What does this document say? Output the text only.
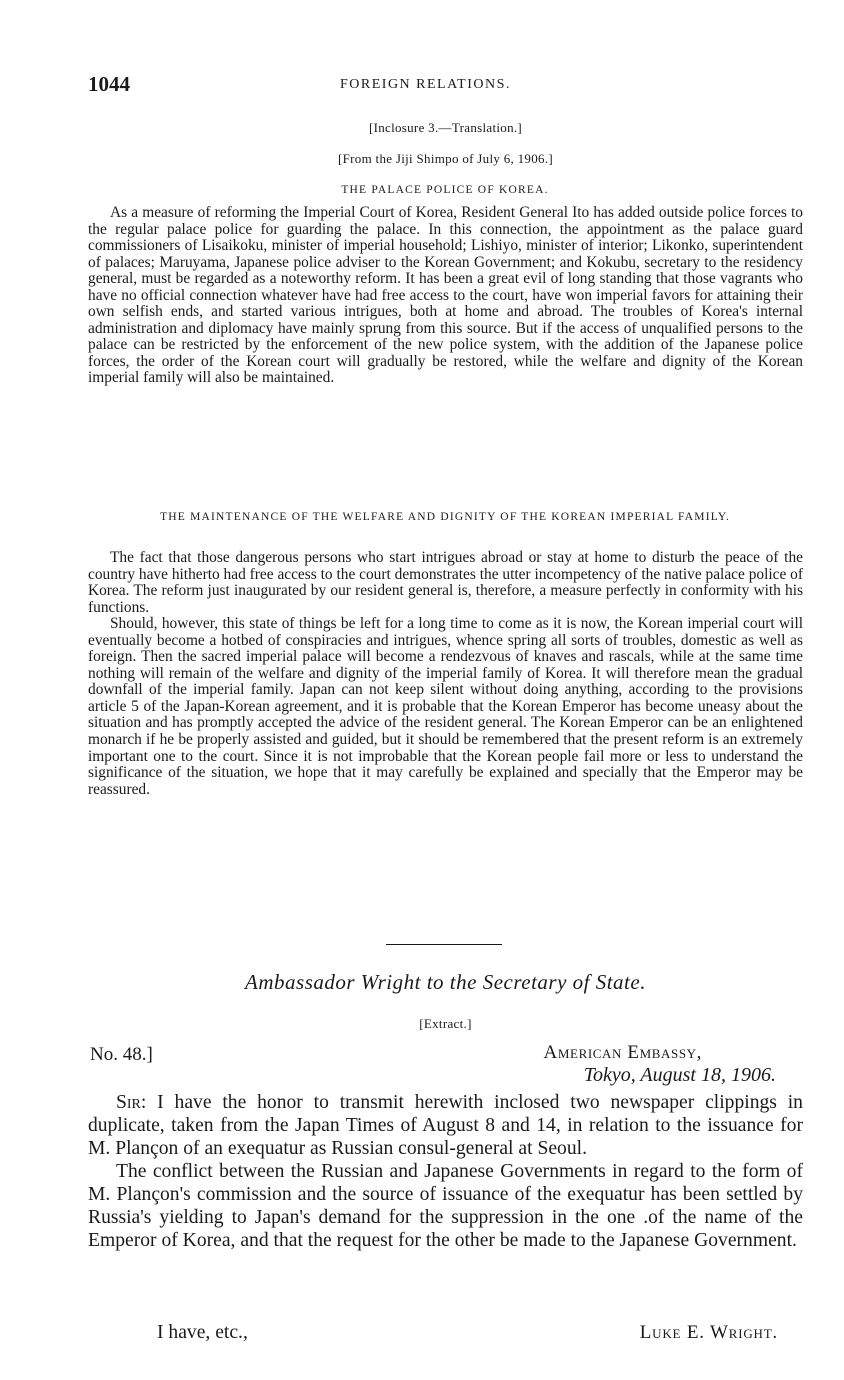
1044	FOREIGN RELATIONS.
[Inclosure 3.—Translation.]
[From the Jiji Shimpo of July 6, 1906.]
THE PALACE POLICE OF KOREA.

As a measure of reforming the Imperial Court of Korea, Resident General Ito has added outside police forces to the regular palace police for guarding the palace. In this connection, the appointment as the palace guard commissioners of Lisaikoku, minister of imperial household; Lishiyo, minister of interior; Likonko, superintendent of palaces; Maruyama, Japanese police adviser to the Korean Government; and Kokubu, secretary to the residency general, must be regarded as a noteworthy reform. It has been a great evil of long standing that those vagrants who have no official connection whatever have had free access to the court, have won imperial favors for attaining their own selfish ends, and started various intrigues, both at home and abroad. The troubles of Korea's internal administration and diplomacy have mainly sprung from this source. But if the access of unqualified persons to the palace can be restricted by the enforcement of the new police system, with the addition of the Japanese police forces, the order of the Korean court will gradually be restored, while the welfare and dignity of the Korean imperial family will also be maintained.

THE MAINTENANCE OF THE WELFARE AND DIGNITY OF THE KOREAN IMPERIAL FAMILY.

The fact that those dangerous persons who start intrigues abroad or stay at home to disturb the peace of the country have hitherto had free access to the court demonstrates the utter incompetency of the native palace police of Korea. The reform just inaugurated by our resident general is, therefore, a measure perfectly in conformity with his functions.

Should, however, this state of things be left for a long time to come as it is now, the Korean imperial court will eventually become a hotbed of conspiracies and intrigues, whence spring all sorts of troubles, domestic as well as foreign. Then the sacred imperial palace will become a rendezvous of knaves and rascals, while at the same time nothing will remain of the welfare and dignity of the imperial family of Korea. It will therefore mean the gradual downfall of the imperial family. Japan can not keep silent without doing anything, according to the provisions article 5 of the Japan-Korean agreement, and it is probable that the Korean Emperor has become uneasy about the situation and has promptly accepted the advice of the resident general. The Korean Emperor can be an enlightened monarch if he be properly assisted and guided, but it should be remembered that the present reform is an extremely important one to the court. Since it is not improbable that the Korean people fail more or less to understand the significance of the situation, we hope that it may carefully be explained and specially that the Emperor may be reassured.

Ambassador Wright to the Secretary of State.
[Extract.]
No. 48.]	American Embassy,
Tokyo, August 18, 1906.

Sir: I have the honor to transmit herewith inclosed two newspaper clippings in duplicate, taken from the Japan Times of August 8 and 14, in relation to the issuance for M. Plançon of an exequatur as Russian consul-general at Seoul.

The conflict between the Russian and Japanese Governments in regard to the form of M. Plançon's commission and the source of issuance of the exequatur has been settled by Russia's yielding to Japan's demand for the suppression in the one .of the name of the Emperor of Korea, and that the request for the other be made to the Japanese Government.

I have, etc.,	Luke E. Wright.
